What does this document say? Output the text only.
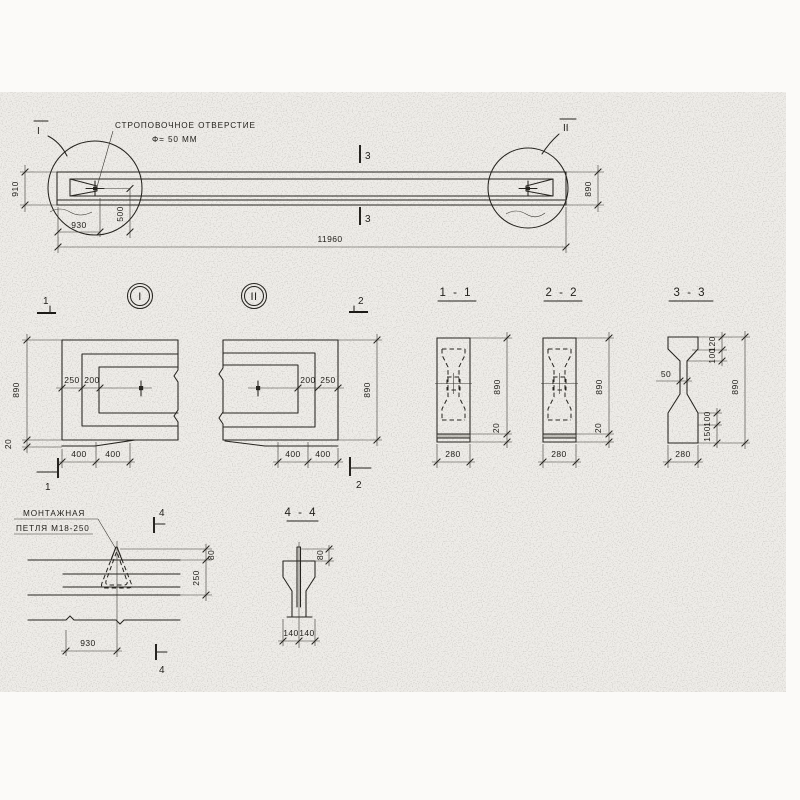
I	II
3
3
СТРОПОВОЧНОЕ ОТВЕРСТИЕ
Ф= 50 ММ
910	890
930
500
11960
I
1
1
250 200
890
20
400 400
II	2
2
200 250
890
400 400
1 - 1
890
20
280
2 - 2
890
20
280
3 - 3
50
890
120
100
100
150
280
МОНТАЖНАЯ
ПЕТЛЯ М18-250
4
4
80
250
930
4 - 4
80
140 140
